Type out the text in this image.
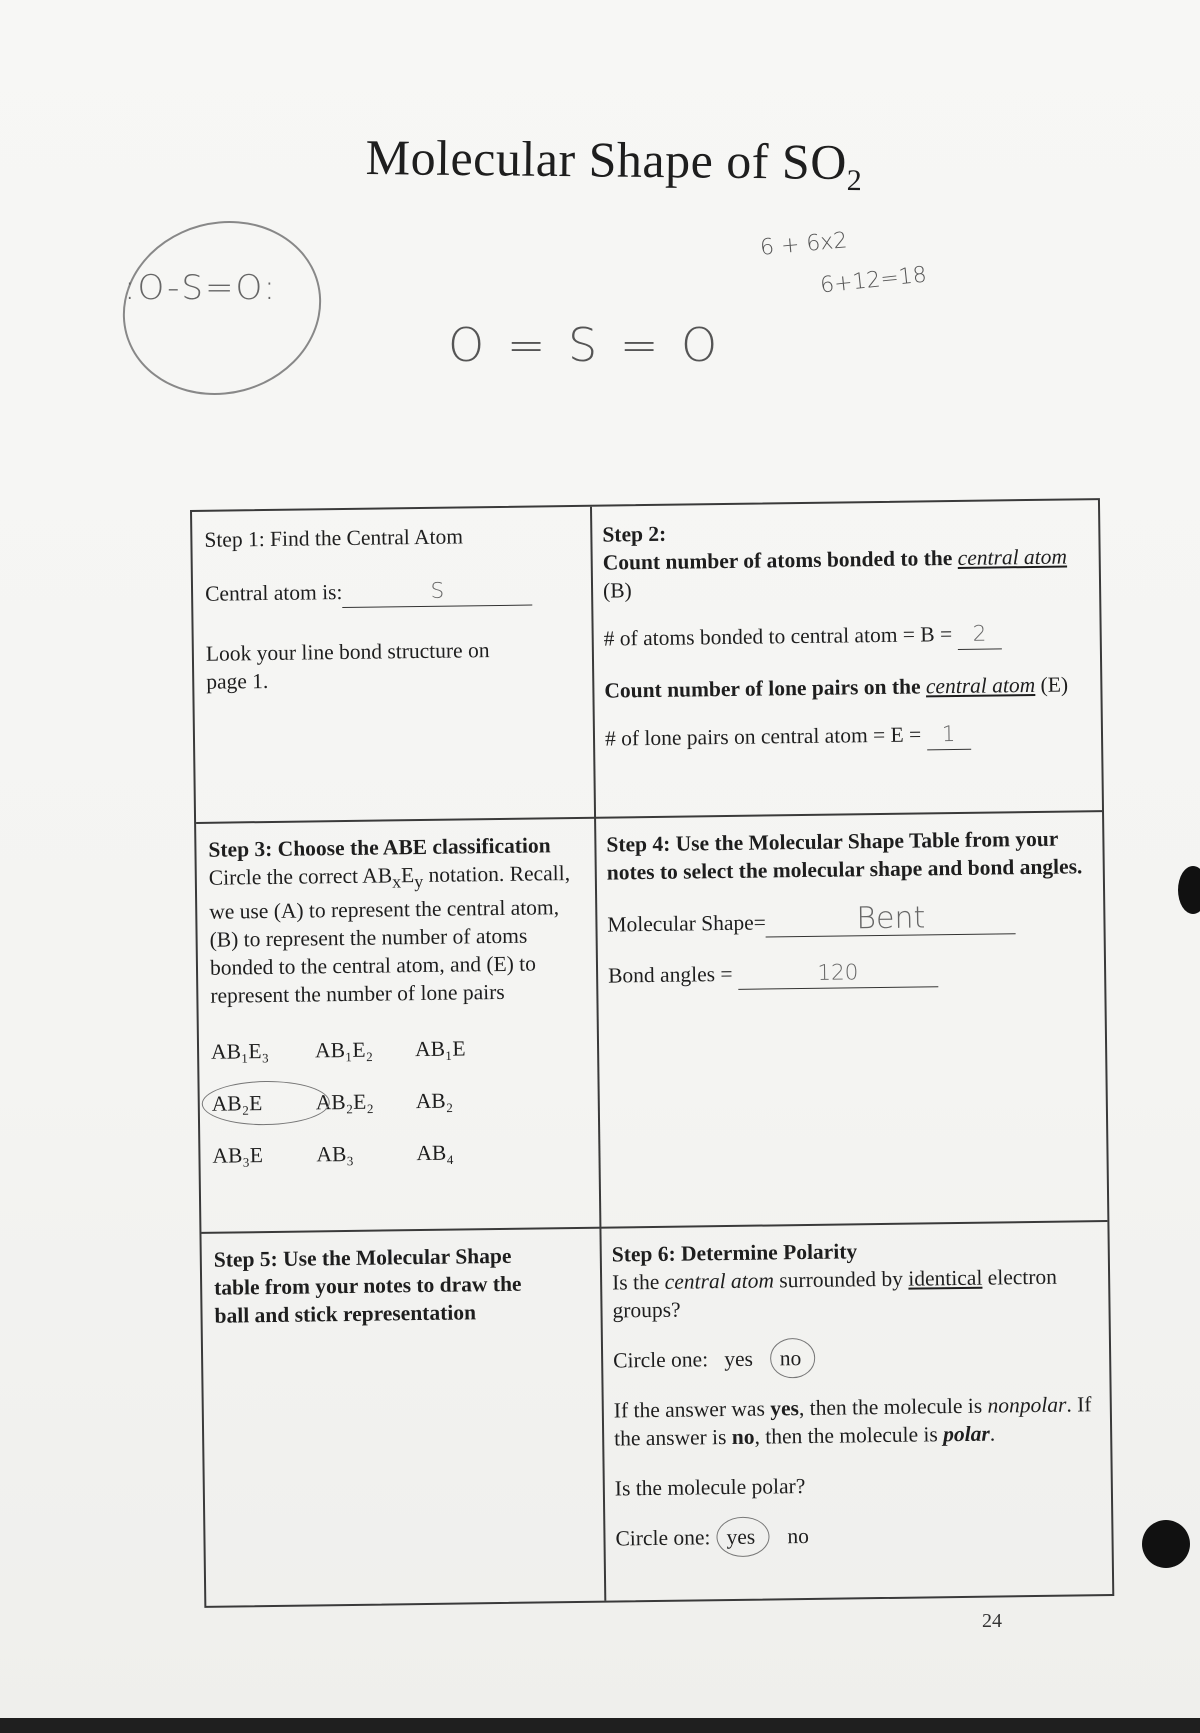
Molecular Shape of $SO_2$
6 + 6x2
6+12=18
:O-S=O:
O = S = O
Step 1: Find the Central Atom
Central atom is:	S
Look your line bond structure on page 1.
Step 2:
Count number of atoms bonded to the central atom (B)
# of atoms bonded to central atom = B = 2
Count number of lone pairs on the central atom (E)
# of lone pairs on central atom = E = 1
Step 3: Choose the ABE classification
Circle the correct $AB_xE_y$ notation. Recall, we use (A) to represent the central atom, (B) to represent the number of atoms bonded to the central atom, and (E) to represent the number of lone pairs
AB₁E₃	AB₁E₂	AB₁E
AB₂E	AB₂E₂	AB₂
AB₃E	AB₃	AB₄
Step 4: Use the Molecular Shape Table from your notes to select the molecular shape and bond angles.
Molecular Shape=	Bent
Bond angles =	120
Step 5: Use the Molecular Shape table from your notes to draw the ball and stick representation
Step 6: Determine Polarity
Is the central atom surrounded by identical electron groups?
Circle one: yes no
If the answer was yes, then the molecule is nonpolar. If the answer is no, then the molecule is polar.
Is the molecule polar?
Circle one: yes no
24
